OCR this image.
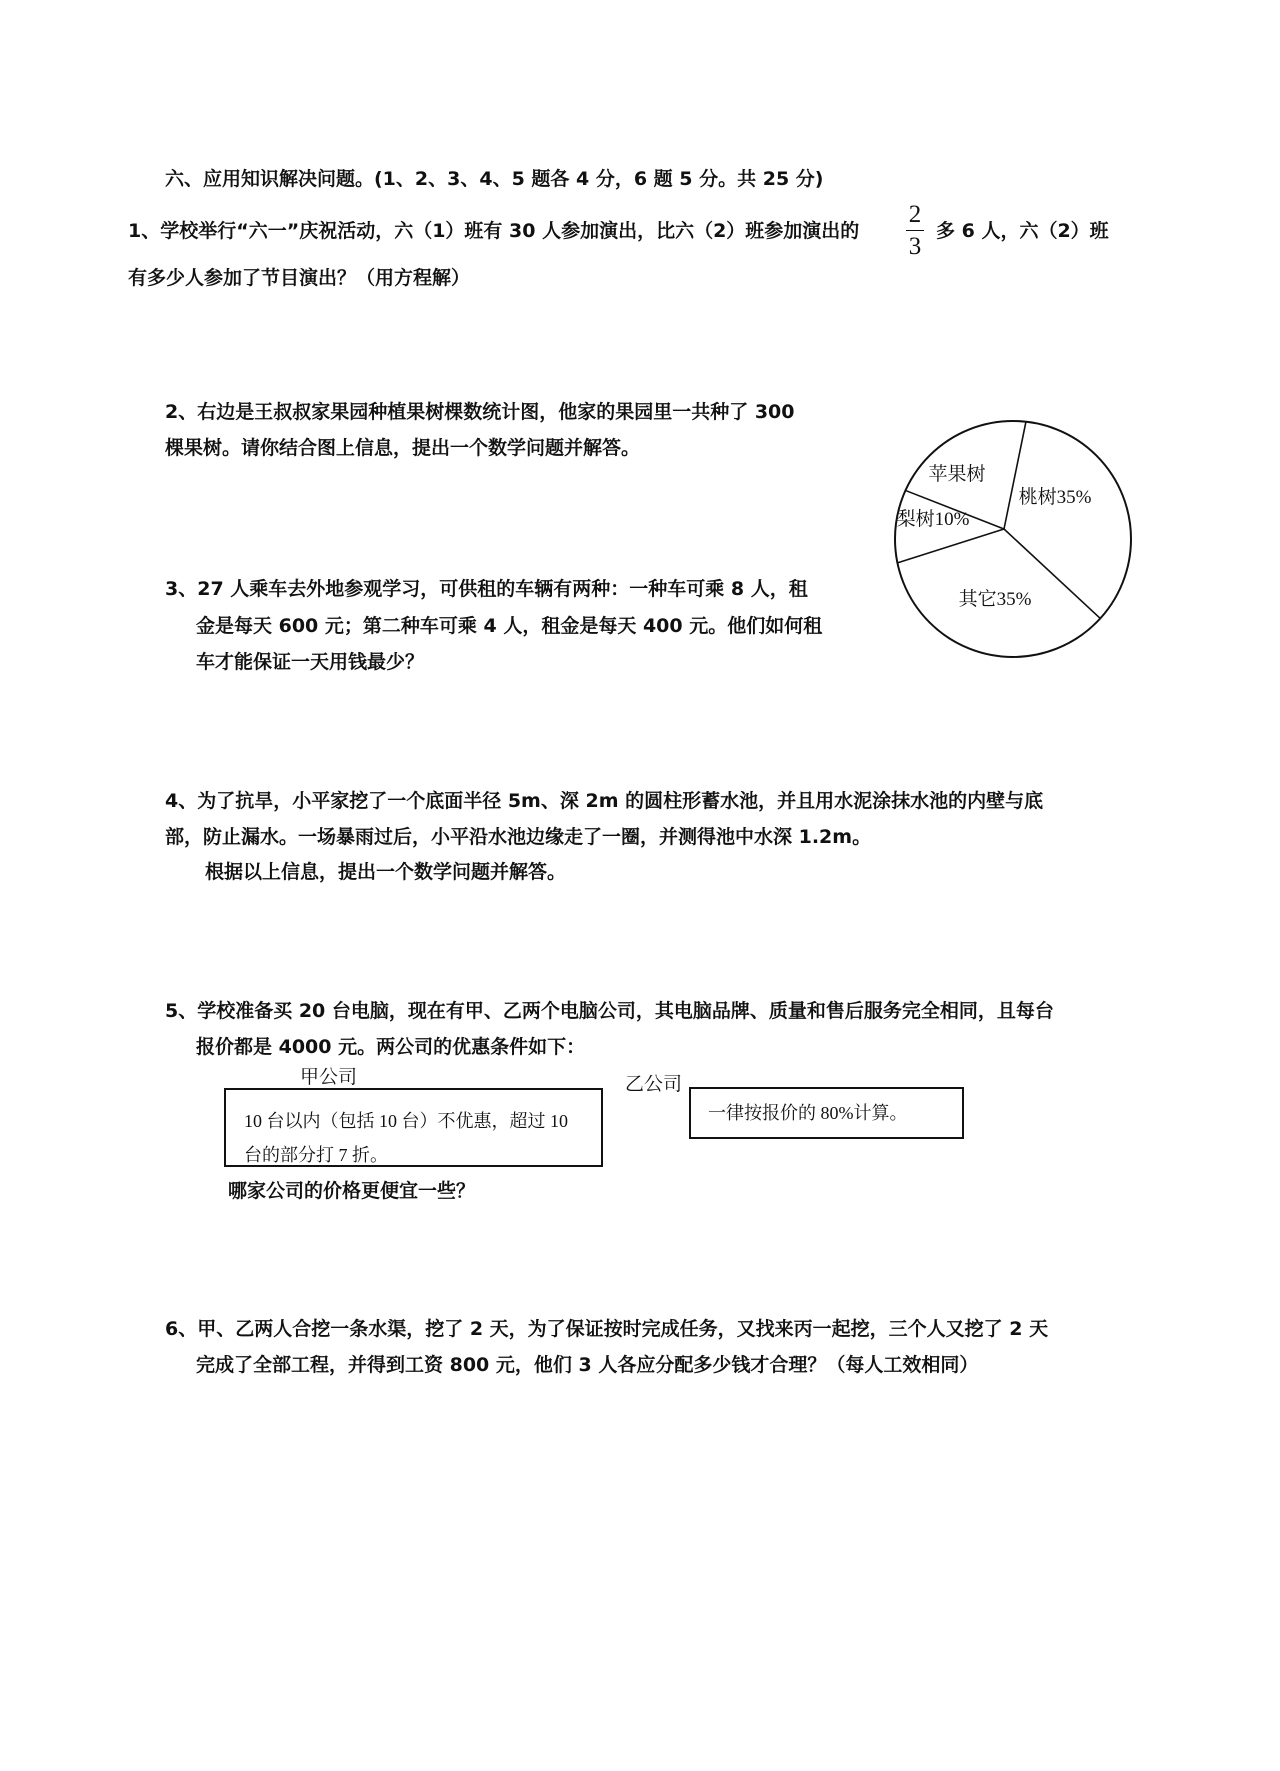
六、应用知识解决问题。(1、2、3、4、5 题各 4 分，6 题 5 分。共 25 分)
1、学校举行“六一”庆祝活动，六（1）班有 30 人参加演出，比六（2）班参加演出的
2
3
多 6 人，六（2）班
有多少人参加了节目演出？（用方程解）
2、右边是王叔叔家果园种植果树棵数统计图，他家的果园里一共种了 300
棵果树。请你结合图上信息，提出一个数学问题并解答。
桃树35%
其它35%
梨树10%
苹果树
3、27 人乘车去外地参观学习，可供租的车辆有两种：一种车可乘 8 人，租
金是每天 600 元；第二种车可乘 4 人，租金是每天 400 元。他们如何租
车才能保证一天用钱最少？
4、为了抗旱，小平家挖了一个底面半径 5m、深 2m 的圆柱形蓄水池，并且用水泥涂抹水池的内壁与底
部，防止漏水。一场暴雨过后，小平沿水池边缘走了一圈，并测得池中水深 1.2m。
根据以上信息，提出一个数学问题并解答。
5、学校准备买 20 台电脑，现在有甲、乙两个电脑公司，其电脑品牌、质量和售后服务完全相同，且每台
报价都是 4000 元。两公司的优惠条件如下：
甲公司
10 台以内（包括 10 台）不优惠，超过 10
台的部分打 7 折。
乙公司
一律按报价的 80%计算。
哪家公司的价格更便宜一些？
6、甲、乙两人合挖一条水渠，挖了 2 天，为了保证按时完成任务，又找来丙一起挖，三个人又挖了 2 天
完成了全部工程，并得到工资 800 元，他们 3 人各应分配多少钱才合理？（每人工效相同）
